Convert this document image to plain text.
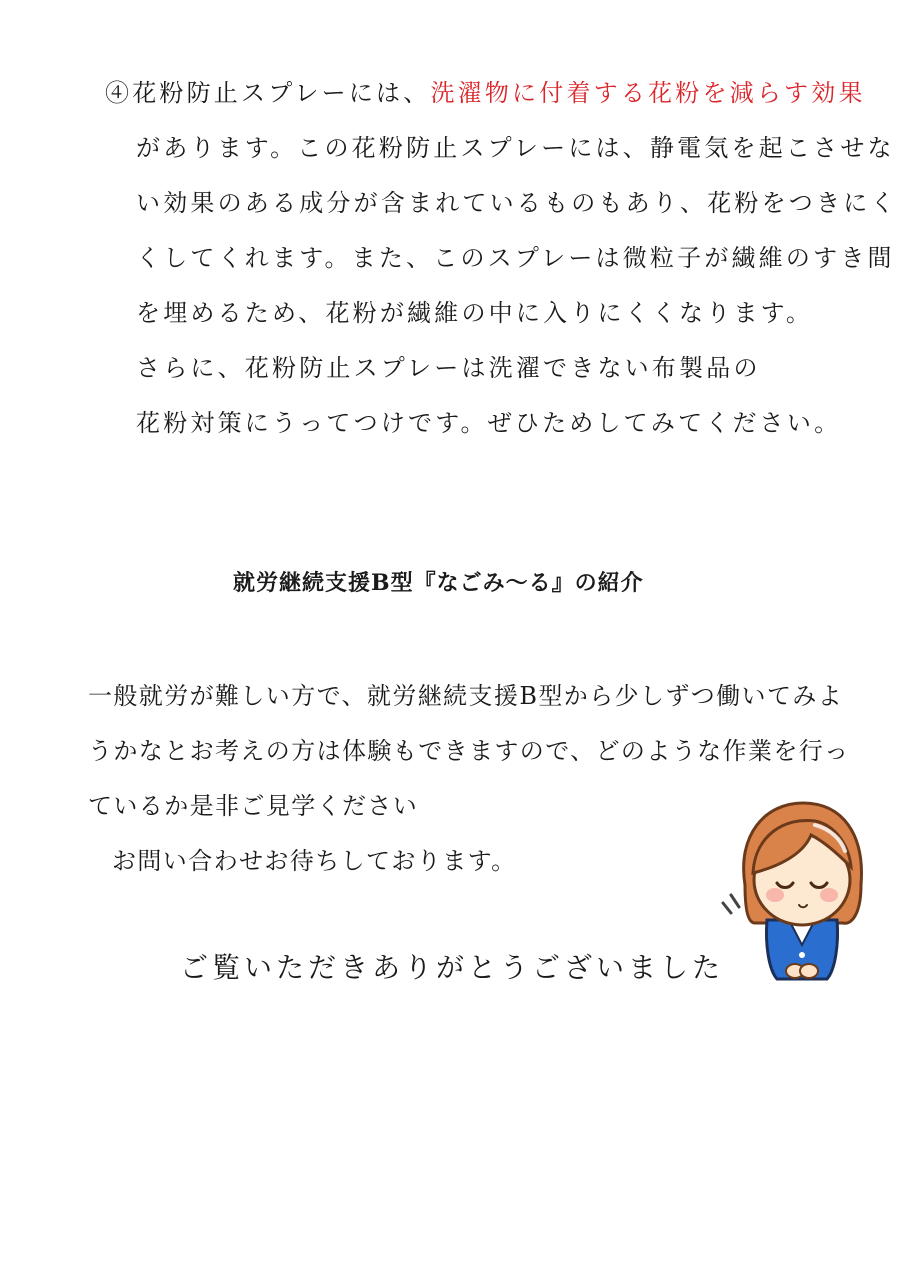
④花粉防止スプレーには、洗濯物に付着する花粉を減らす効果
があります。この花粉防止スプレーには、静電気を起こさせな
い効果のある成分が含まれているものもあり、花粉をつきにく
くしてくれます。また、このスプレーは微粒子が繊維のすき間
を埋めるため、花粉が繊維の中に入りにくくなります。
さらに、花粉防止スプレーは洗濯できない布製品の
花粉対策にうってつけです。ぜひためしてみてください。
就労継続支援B型『なごみ〜る』の紹介
一般就労が難しい方で、就労継続支援B型から少しずつ働いてみよ
うかなとお考えの方は体験もできますので、どのような作業を行っ
ているか是非ご見学ください
お問い合わせお待ちしております。
ご覧いただきありがとうございました
